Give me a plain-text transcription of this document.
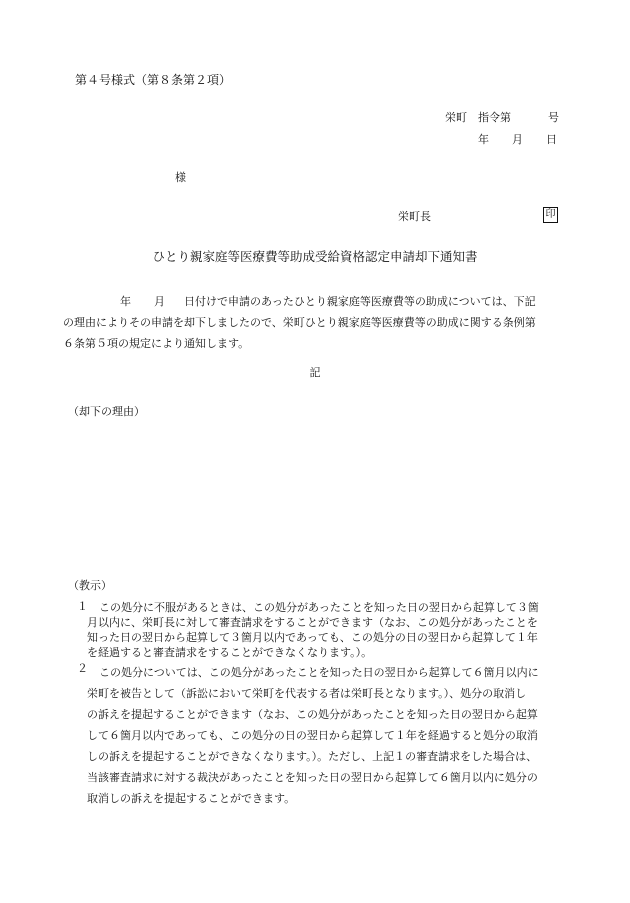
第４号様式（第８条第２項）
栄町 指令第	号
年 月 日
様
栄町長	印
ひとり親家庭等医療費等助成受給資格認定申請却下通知書
年 月 日付けで申請のあったひとり親家庭等医療費等の助成については、下記
の理由によりその申請を却下しましたので、栄町ひとり親家庭等医療費等の助成に関する条例第
６条第５項の規定により通知します。
記
（却下の理由）
（教示）
１ この処分に不服があるときは、この処分があったことを知った日の翌日から起算して３箇
月以内に、栄町長に対して審査請求をすることができます（なお、この処分があったことを
知った日の翌日から起算して３箇月以内であっても、この処分の日の翌日から起算して１年
を経過すると審査請求をすることができなくなります。）。
２ この処分については、この処分があったことを知った日の翌日から起算して６箇月以内に
栄町を被告として（訴訟において栄町を代表する者は栄町長となります。）、処分の取消し
の訴えを提起することができます（なお、この処分があったことを知った日の翌日から起算
して６箇月以内であっても、この処分の日の翌日から起算して１年を経過すると処分の取消
しの訴えを提起することができなくなります。）。ただし、上記１の審査請求をした場合は、
当該審査請求に対する裁決があったことを知った日の翌日から起算して６箇月以内に処分の
取消しの訴えを提起することができます。
